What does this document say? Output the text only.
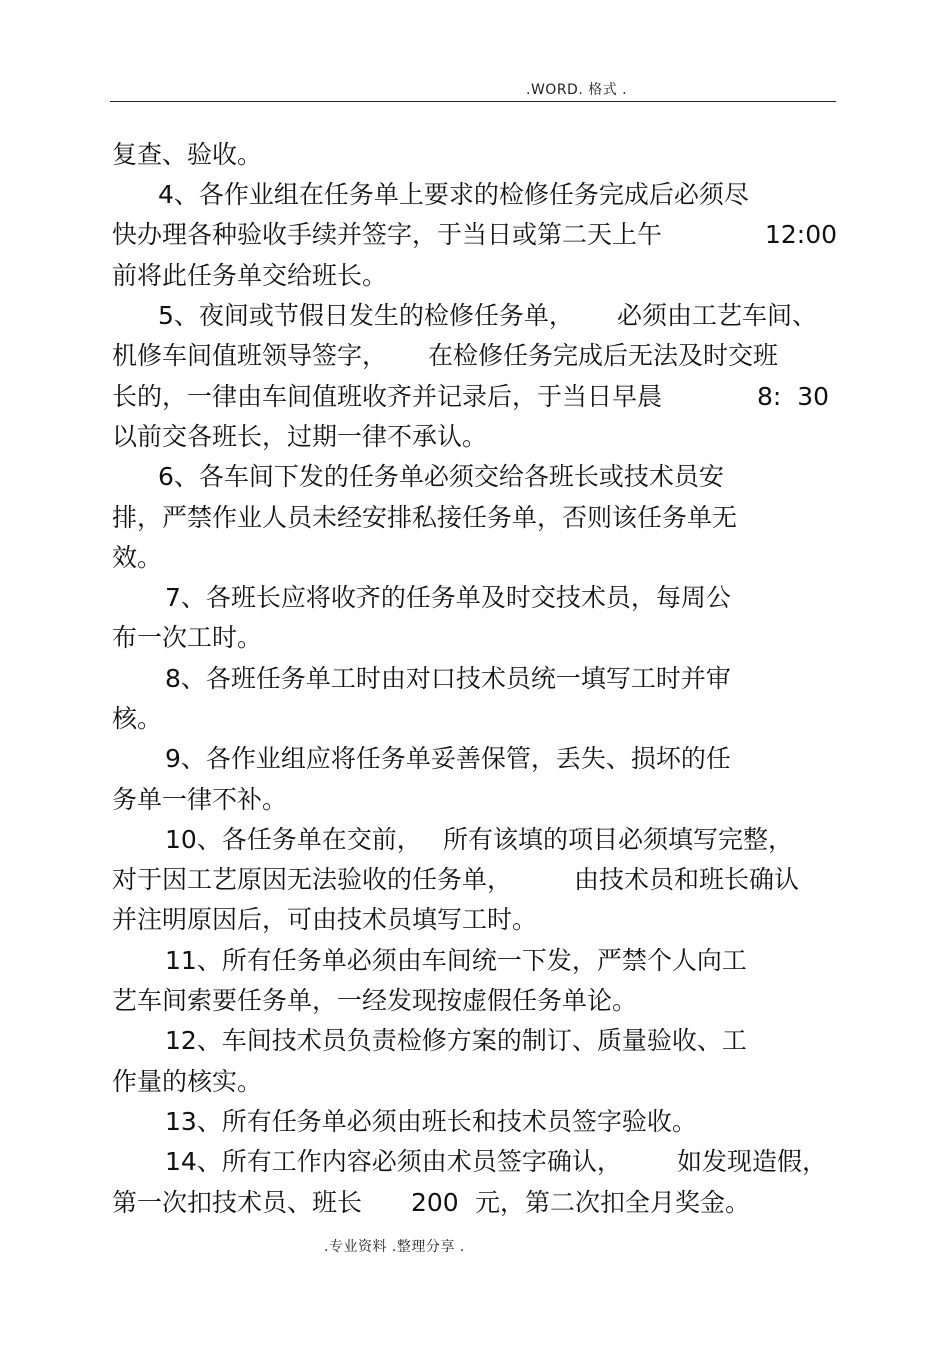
.WORD. 格式 .

复查、验收。

4、各作业组在任务单上要求的检修任务完成后必须尽

快办理各种验收手续并签字，于当日或第二天上午

	12:00

前将此任务单交给班长。

5、夜间或节假日发生的检修任务单，

必须由工艺车间、

机修车间值班领导签字，

在检修任务完成后无法及时交班

长的，一律由车间值班收齐并记录后，于当日早晨

	8:  30

以前交各班长，过期一律不承认。

6、各车间下发的任务单必须交给各班长或技术员安

排，严禁作业人员未经安排私接任务单，否则该任务单无

效。

7、各班长应将收齐的任务单及时交技术员，每周公

布一次工时。

8、各班任务单工时由对口技术员统一填写工时并审

核。

9、各作业组应将任务单妥善保管，丢失、损坏的任

务单一律不补。

10、各任务单在交前，

所有该填的项目必须填写完整，

对于因工艺原因无法验收的任务单，

由技术员和班长确认

并注明原因后，可由技术员填写工时。

11、所有任务单必须由车间统一下发，严禁个人向工

艺车间索要任务单，一经发现按虚假任务单论。

12、车间技术员负责检修方案的制订、质量验收、工

作量的核实。

13、所有任务单必须由班长和技术员签字验收。

14、所有工作内容必须由术员签字确认，

如发现造假，

第一次扣技术员、班长

200

元，第二次扣全月奖金。

.专业资料 .整理分享 .
